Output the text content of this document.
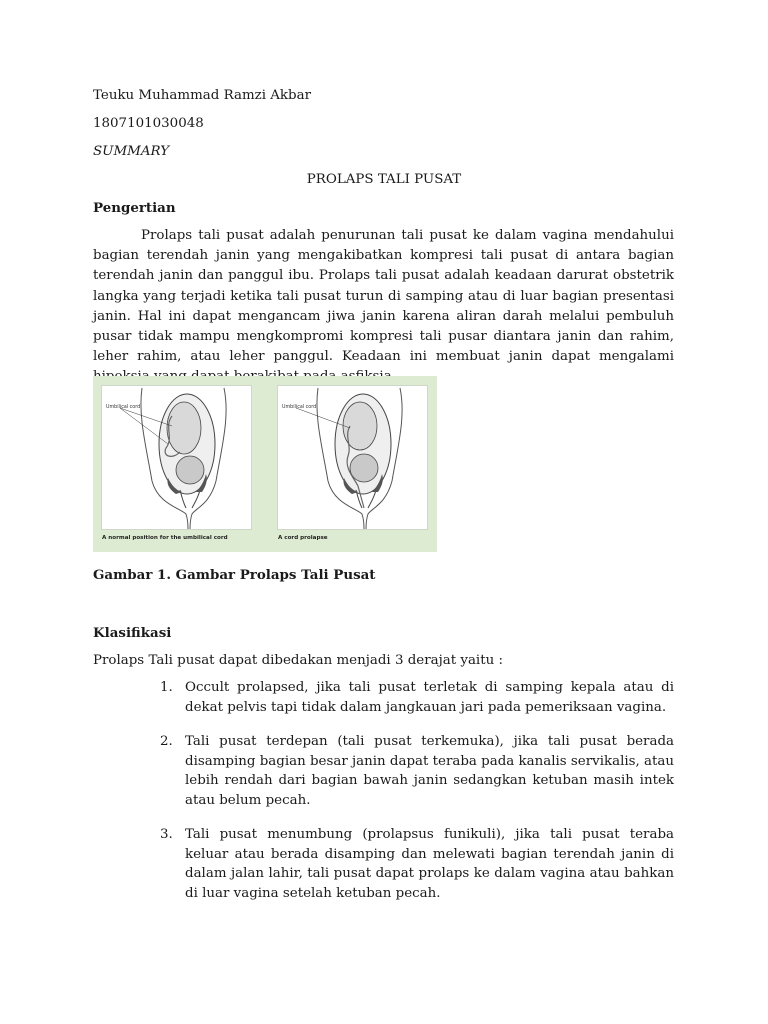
Teuku Muhammad Ramzi Akbar
1807101030048
SUMMARY
PROLAPS TALI PUSAT
Pengertian
Prolaps tali pusat adalah penurunan tali pusat ke dalam vagina mendahului bagian terendah janin yang mengakibatkan kompresi tali pusat di antara bagian terendah janin dan panggul ibu. Prolaps tali pusat adalah keadaan darurat obstetrik langka yang terjadi ketika tali pusat turun di samping atau di luar bagian presentasi janin. Hal ini dapat mengancam jiwa janin karena aliran darah melalui pembuluh pusar tidak mampu mengkompromi kompresi tali pusar diantara janin dan rahim, leher rahim, atau leher panggul. Keadaan ini membuat janin dapat mengalami
Umbilical cord	Umbilical cord
A normal position for the umbilical cord	A cord prolapse
Gambar 1. Gambar Prolaps Tali Pusat
Klasifikasi
Prolaps Tali pusat dapat dibedakan menjadi 3 derajat yaitu :
1. Occult prolapsed, jika tali pusat terletak di samping kepala atau di dekat pelvis tapi tidak dalam jangkauan jari pada pemeriksaan vagina.
2. Tali pusat terdepan (tali pusat terkemuka), jika tali pusat berada disamping bagian besar janin dapat teraba pada kanalis servikalis, atau lebih rendah dari bagian bawah janin sedangkan ketuban masih intek atau belum pecah.
3. Tali pusat menumbung (prolapsus funikuli), jika tali pusat teraba keluar atau berada disamping dan melewati bagian terendah janin di dalam jalan lahir, tali pusat dapat prolaps ke dalam vagina atau bahkan di luar vagina setelah ketuban pecah.
